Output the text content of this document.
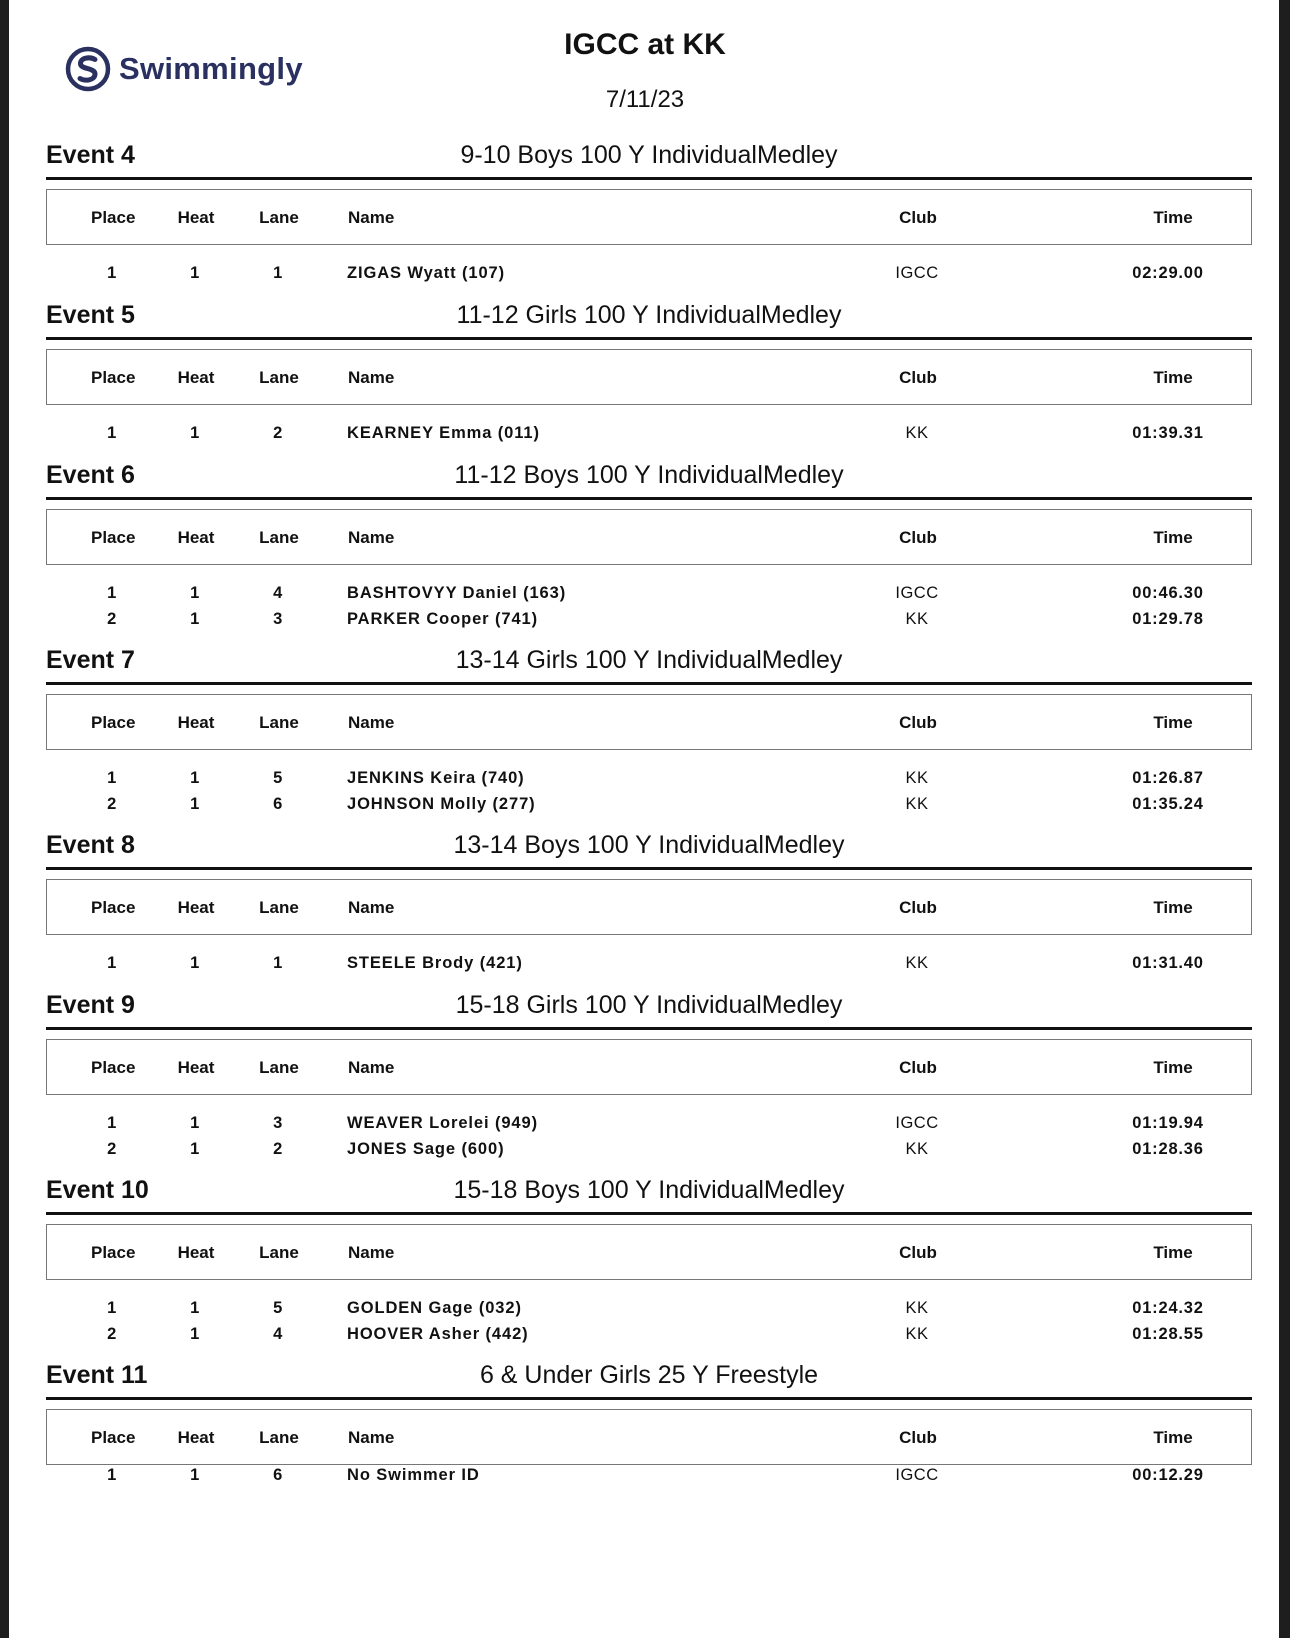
Swimmingly
IGCC at KK
7/11/23
9-10 Boys 100 Y IndividualMedley
Event 4
Place Heat	Lane	Name	Club	Time
1	1	1	ZIGAS Wyatt (107)	IGCC	02:29.00
11-12 Girls 100 Y IndividualMedley
Event 5
Place Heat	Lane	Name	Club	Time
1	1	2	KEARNEY Emma (011)	KK	01:39.31
11-12 Boys 100 Y IndividualMedley
Event 6
Place Heat	Lane	Name	Club	Time
1	1	4	BASHTOVYY Daniel (163)	IGCC	00:46.30
2	1	3	PARKER Cooper (741)	KK	01:29.78
13-14 Girls 100 Y IndividualMedley
Event 7
Place Heat	Lane	Name	Club	Time
1	1	5	JENKINS Keira (740)	KK	01:26.87
2	1	6	JOHNSON Molly (277)	KK	01:35.24
13-14 Boys 100 Y IndividualMedley
Event 8
Place Heat	Lane	Name	Club	Time
1	1	1	STEELE Brody (421)	KK	01:31.40
15-18 Girls 100 Y IndividualMedley
Event 9
Place Heat	Lane	Name	Club	Time
1	1	3	WEAVER Lorelei (949)	IGCC	01:19.94
2	1	2	JONES Sage (600)	KK	01:28.36
15-18 Boys 100 Y IndividualMedley
Event 10
Place Heat	Lane	Name	Club	Time
1	1	5	GOLDEN Gage (032)	KK	01:24.32
2	1	4	HOOVER Asher (442)	KK	01:28.55
6 & Under Girls 25 Y Freestyle
Event 11
Place Heat	Lane	Name	Club	Time
1	1	6	No Swimmer ID	IGCC	00:12.29
